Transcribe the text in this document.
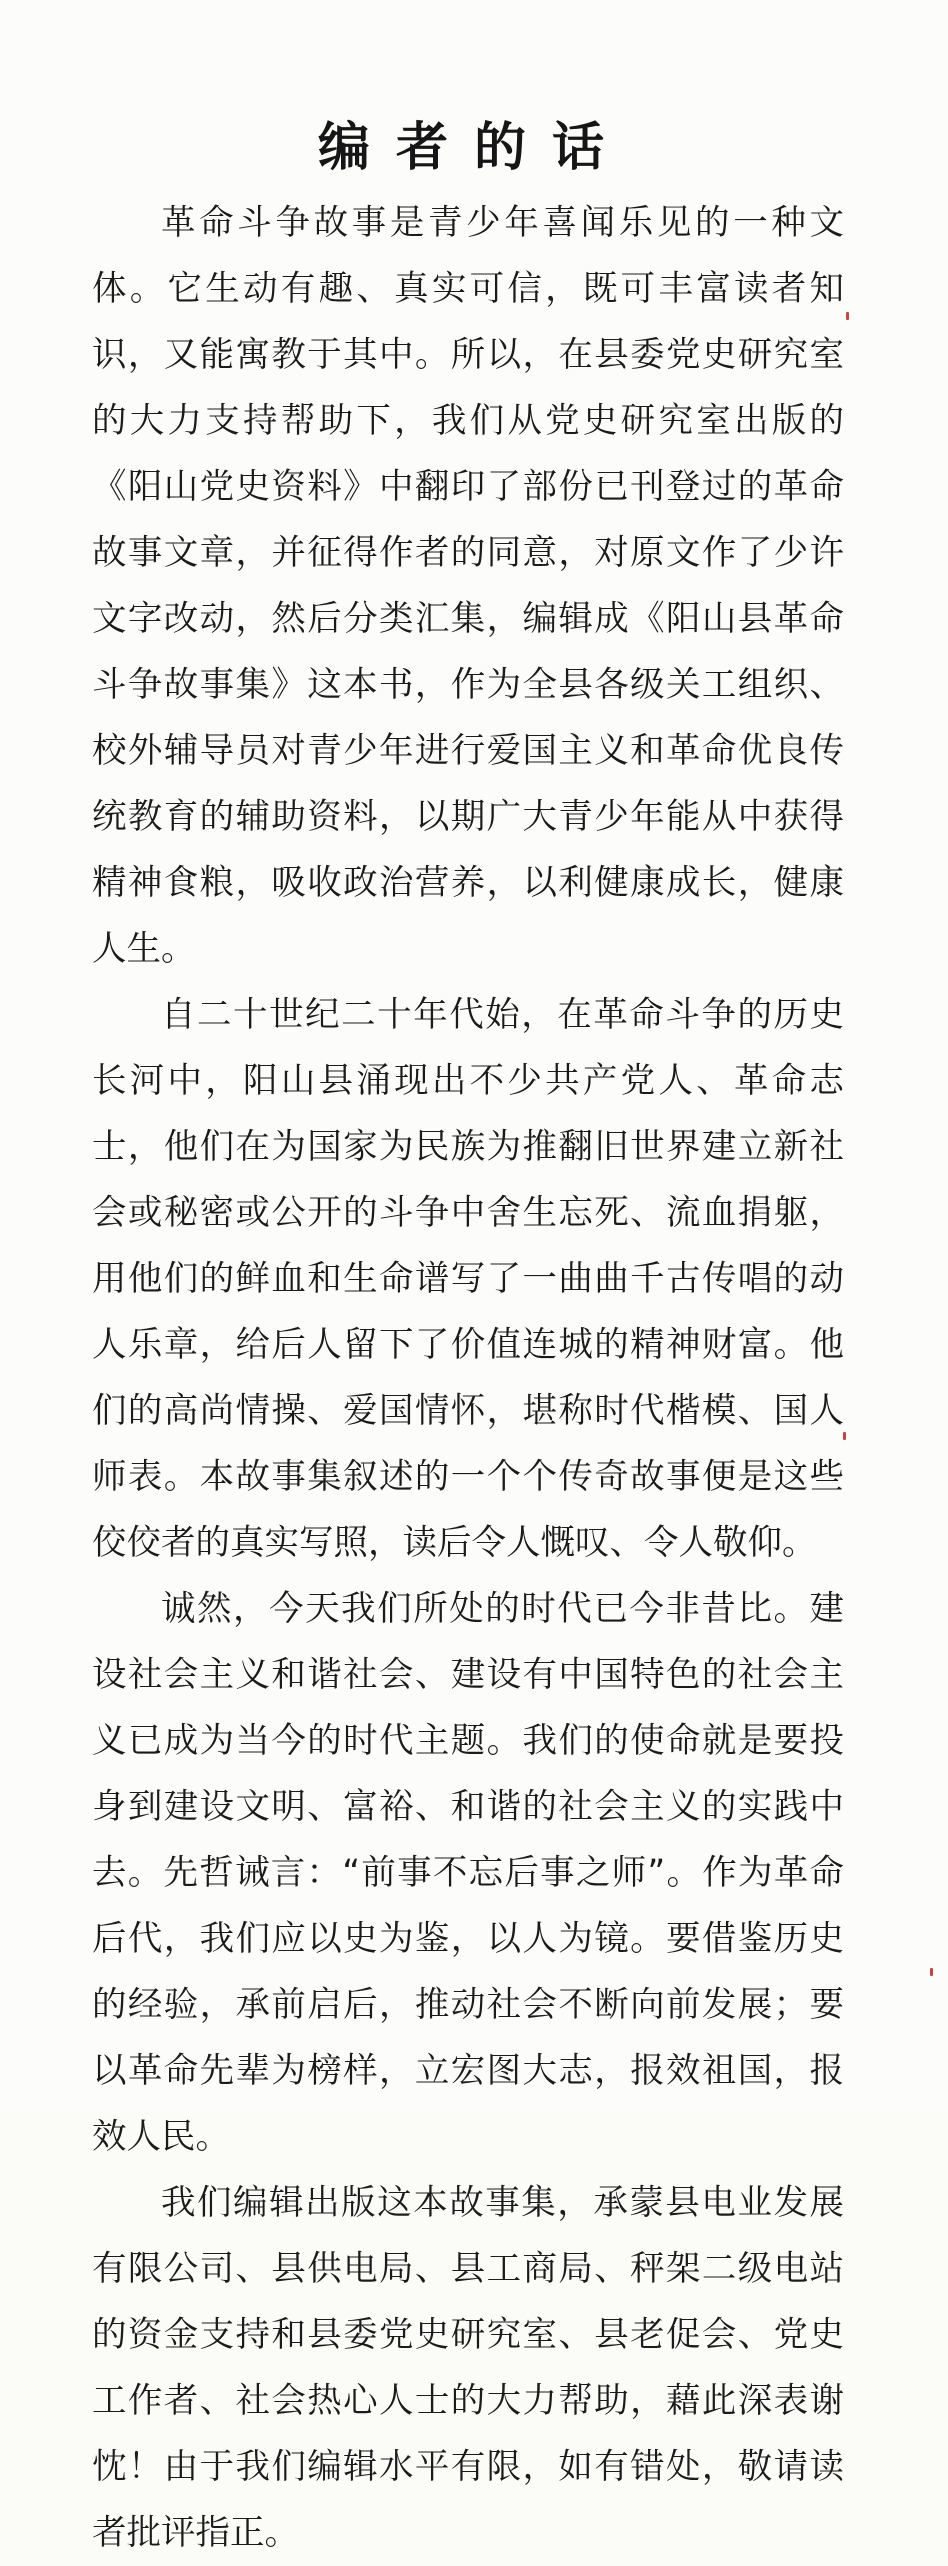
编者的话

革命斗争故事是青少年喜闻乐见的一种文体。它生动有趣、真实可信，既可丰富读者知识，又能寓教于其中。所以，在县委党史研究室的大力支持帮助下，我们从党史研究室出版的《阳山党史资料》中翻印了部份已刊登过的革命故事文章，并征得作者的同意，对原文作了少许文字改动，然后分类汇集，编辑成《阳山县革命斗争故事集》这本书，作为全县各级关工组织、校外辅导员对青少年进行爱国主义和革命优良传统教育的辅助资料，以期广大青少年能从中获得精神食粮，吸收政治营养，以利健康成长，健康人生。

自二十世纪二十年代始，在革命斗争的历史长河中，阳山县涌现出不少共产党人、革命志士，他们在为国家为民族为推翻旧世界建立新社会或秘密或公开的斗争中舍生忘死、流血捐躯，用他们的鲜血和生命谱写了一曲曲千古传唱的动人乐章，给后人留下了价值连城的精神财富。他们的高尚情操、爱国情怀，堪称时代楷模、国人师表。本故事集叙述的一个个传奇故事便是这些佼佼者的真实写照，读后令人慨叹、令人敬仰。

诚然，今天我们所处的时代已今非昔比。建设社会主义和谐社会、建设有中国特色的社会主义已成为当今的时代主题。我们的使命就是要投身到建设文明、富裕、和谐的社会主义的实践中去。先哲诫言：“前事不忘后事之师”。作为革命后代，我们应以史为鉴，以人为镜。要借鉴历史的经验，承前启后，推动社会不断向前发展；要以革命先辈为榜样，立宏图大志，报效祖国，报效人民。

我们编辑出版这本故事集，承蒙县电业发展有限公司、县供电局、县工商局、秤架二级电站的资金支持和县委党史研究室、县老促会、党史工作者、社会热心人士的大力帮助，藉此深表谢忱！由于我们编辑水平有限，如有错处，敬请读者批评指正。
